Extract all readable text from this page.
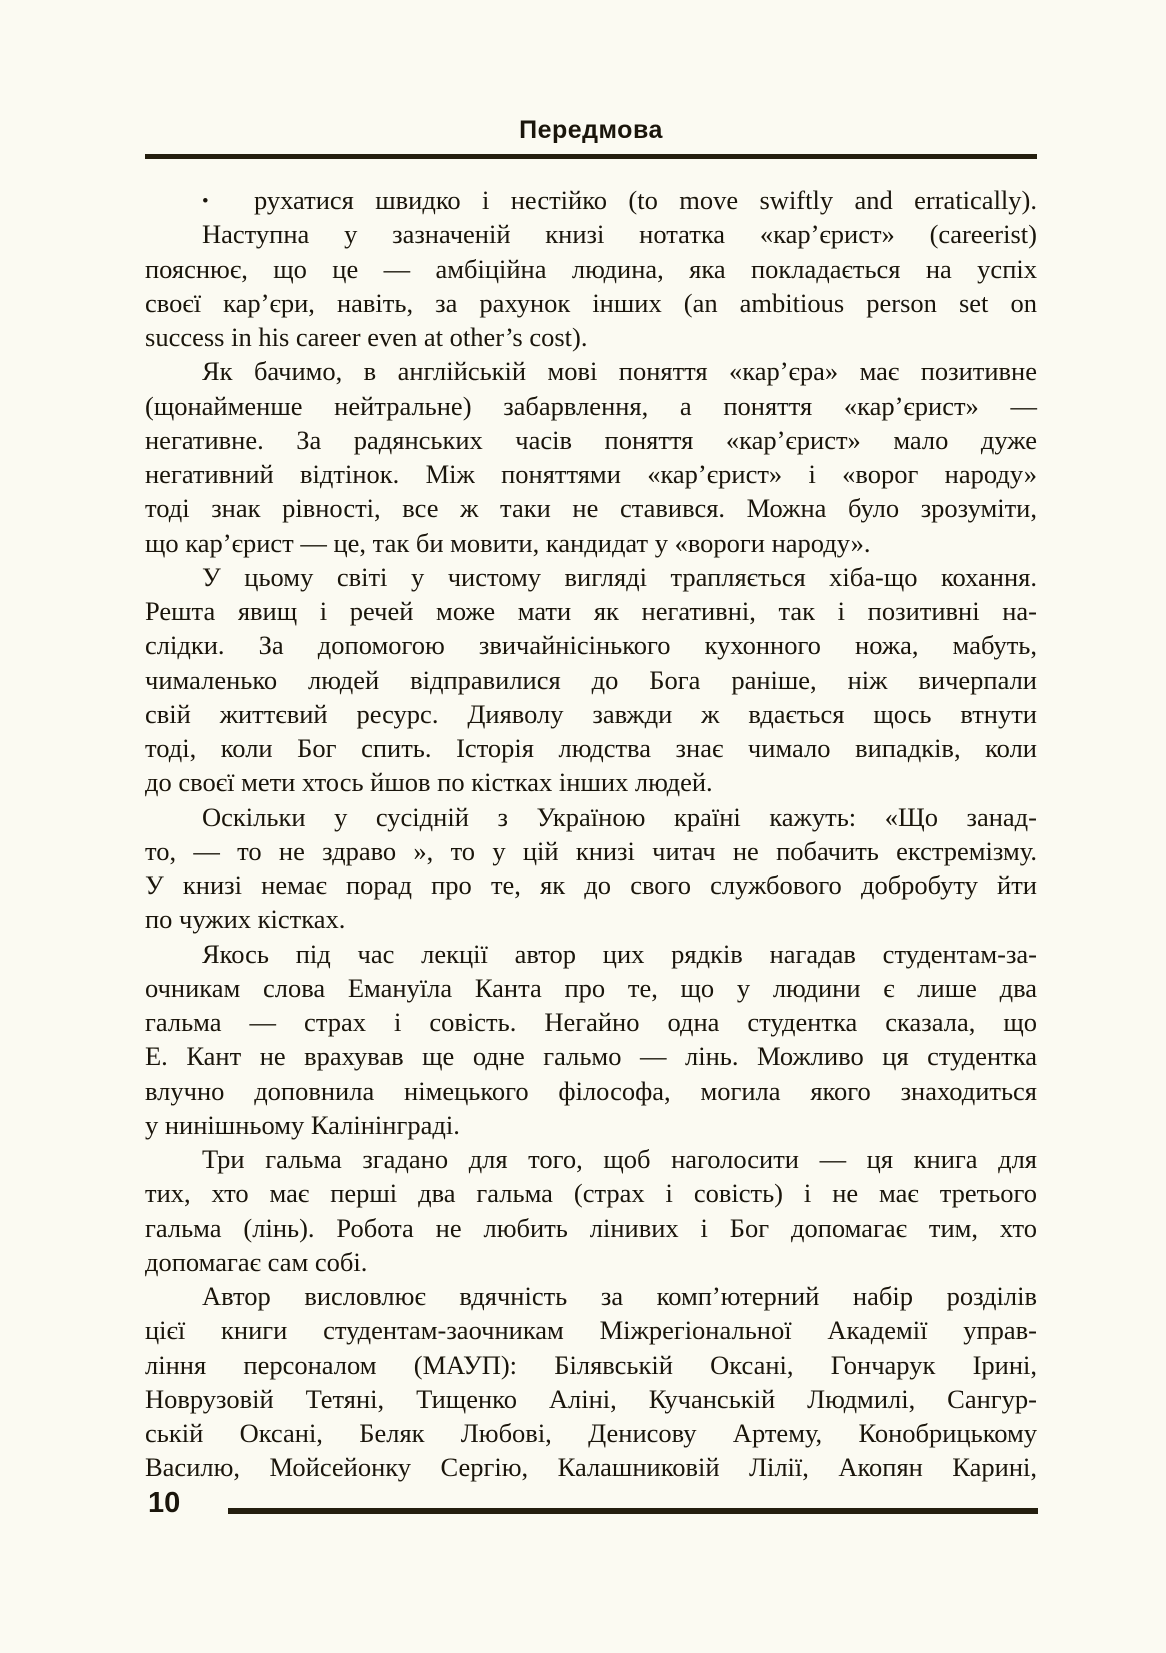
Передмова
• рухатися швидко і нестійко (to move swiftly and erratically).
Наступна у зазначеній книзі нотатка «кар’єрист» (careerist)
пояснює, що це — амбіційна людина, яка покладається на успіх
своєї кар’єри, навіть, за рахунок інших (an ambitious person set on
success in his career even at other’s cost).
Як бачимо, в англійській мові поняття «кар’єра» має позитивне
(щонайменше нейтральне) забарвлення, а поняття «кар’єрист» —
негативне. За радянських часів поняття «кар’єрист» мало дуже
негативний відтінок. Між поняттями «кар’єрист» і «ворог народу»
тоді знак рівності, все ж таки не ставився. Можна було зрозуміти,
що кар’єрист — це, так би мовити, кандидат у «вороги народу».
У цьому світі у чистому вигляді трапляється хіба-що кохання.
Решта явищ і речей може мати як негативні, так і позитивні на-
слідки. За допомогою звичайнісінького кухонного ножа, мабуть,
чималенько людей відправилися до Бога раніше, ніж вичерпали
свій життєвий ресурс. Дияволу завжди ж вдається щось втнути
тоді, коли Бог спить. Історія людства знає чимало випадків, коли
до своєї мети хтось йшов по кістках інших людей.
Оскільки у сусідній з Україною країні кажуть: «Що занад-
то, — то не здраво », то у цій книзі читач не побачить екстремізму.
У книзі немає порад про те, як до свого службового добробуту йти
по чужих кістках.
Якось під час лекції автор цих рядків нагадав студентам-за-
очникам слова Емануїла Канта про те, що у людини є лише два
гальма — страх і совість. Негайно одна студентка сказала, що
Е. Кант не врахував ще одне гальмо — лінь. Можливо ця студентка
влучно доповнила німецького філософа, могила якого знаходиться
у нинішньому Калінінграді.
Три гальма згадано для того, щоб наголосити — ця книга для
тих, хто має перші два гальма (страх і совість) і не має третього
гальма (лінь). Робота не любить лінивих і Бог допомагає тим, хто
допомагає сам собі.
Автор висловлює вдячність за комп’ютерний набір розділів
цієї книги студентам-заочникам Міжрегіональної Академії управ-
ління персоналом (МАУП): Білявській Оксані, Гончарук Ірині,
Новрузовій Тетяні, Тищенко Аліні, Кучанській Людмилі, Сангур-
ській Оксані, Беляк Любові, Денисову Артему, Конобрицькому
Василю, Мойсейонку Сергію, Калашниковій Лілії, Акопян Карині,
10
